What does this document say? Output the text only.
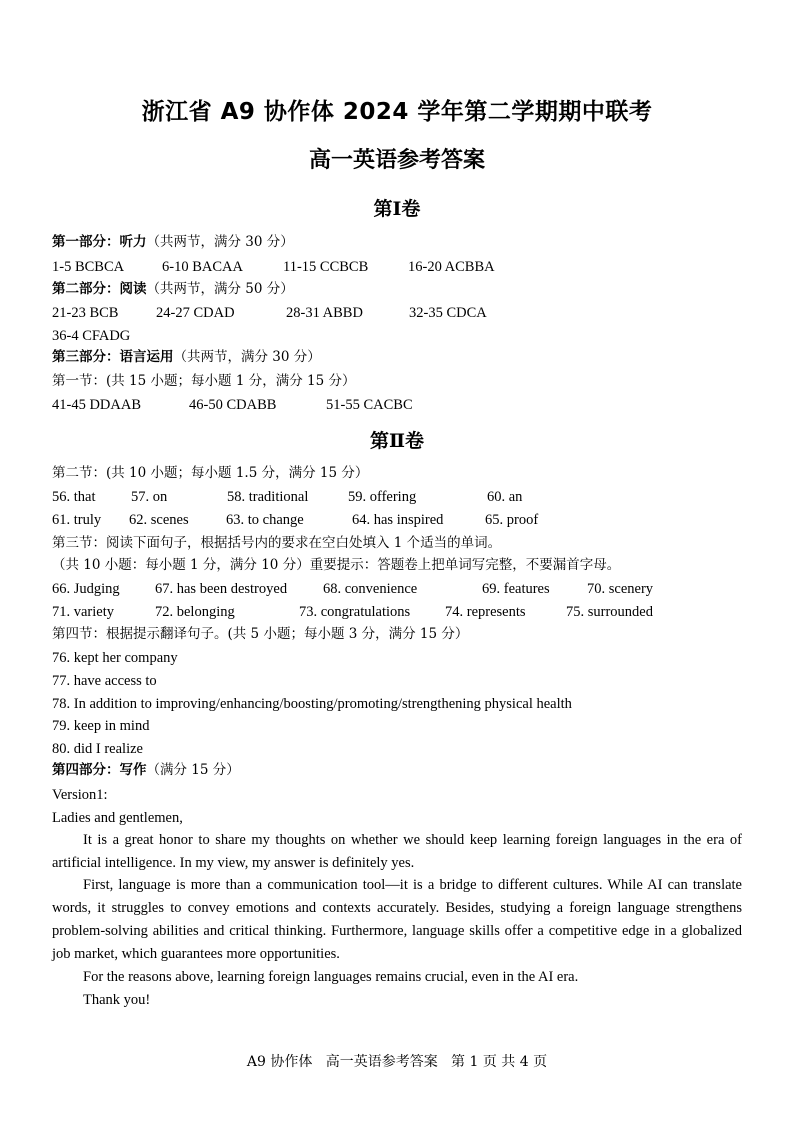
浙江省 A9 协作体 2024 学年第二学期期中联考
高一英语参考答案
第Ⅰ卷
第一部分：听力（共两节，满分 30 分）
1-5 BCBCA	6-10 BACAA	11-15 CCBCB	16-20 ACBBA
第二部分：阅读（共两节，满分 50 分）
21-23 BCB	24-27 CDAD	28-31 ABBD	32-35 CDCA
36-4 CFADG
第三部分：语言运用（共两节，满分 30 分）
第一节：(共 15 小题；每小题 1 分，满分 15 分）
41-45 DDAAB	46-50 CDABB	51-55 CACBC
第Ⅱ卷
第二节：(共 10 小题；每小题 1.5 分，满分 15 分）
56. that 57. on	58. traditional	59. offering	60. an
61. truly 62. scenes	63. to change	64. has inspired	65. proof
第三节：阅读下面句子，根据括号内的要求在空白处填入 1 个适当的单词。
（共 10 小题：每小题 1 分，满分 10 分）重要提示：答题卷上把单词写完整，不要漏首字母。
66. Judging 67. has been destroyed 68. convenience	69. features	70. scenery
71. variety	72. belonging	73. congratulations 74. represents	75. surrounded
第四节：根据提示翻译句子。(共 5 小题；每小题 3 分，满分 15 分）
76. kept her company
77. have access to
78. In addition to improving/enhancing/boosting/promoting/strengthening physical health
79. keep in mind
80. did I realize
第四部分：写作（满分 15 分）
Version1:
Ladies and gentlemen,

It is a great honor to share my thoughts on whether we should keep learning foreign languages in the era of artificial intelligence. In my view, my answer is definitely yes.

First, language is more than a communication tool—it is a bridge to different cultures. While AI can translate words, it struggles to convey emotions and contexts accurately. Besides, studying a foreign language strengthens problem-solving abilities and critical thinking. Furthermore, language skills offer a competitive edge in a globalized job market, which guarantees more opportunities.

For the reasons above, learning foreign languages remains crucial, even in the AI era.

Thank you!

A9 协作体   高一英语参考答案   第 1 页 共 4 页
